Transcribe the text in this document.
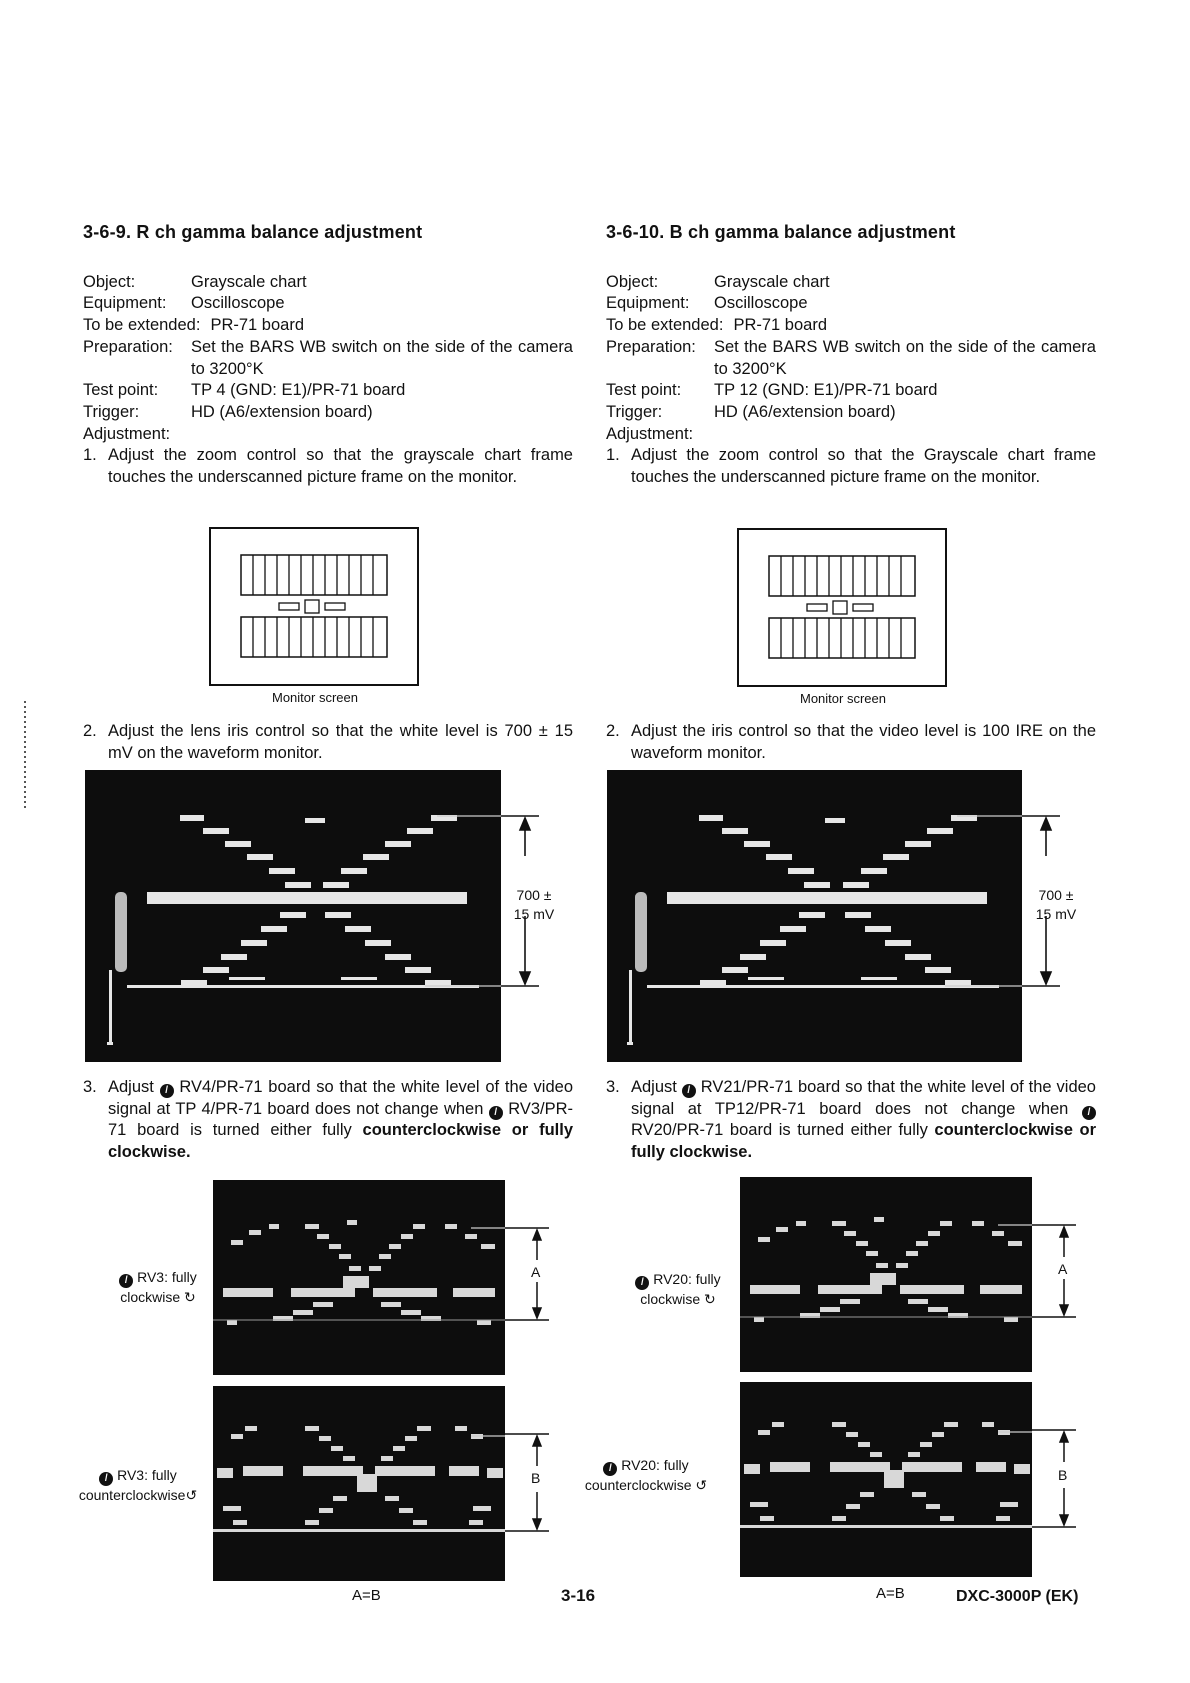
3-6-9. R ch gamma balance adjustment
Object:	Grayscale chart
Equipment:	Oscilloscope
To be extended: PR-71 board
Preparation:	Set the BARS WB switch on the side of the camera to 3200°K
Test point:	TP 4 (GND: E1)/PR-71 board
Trigger:	HD (A6/extension board)
Adjustment:
1. Adjust the zoom control so that the grayscale chart frame touches the underscanned picture frame on the monitor.
2. Adjust the lens iris control so that the white level is 700 ± 15 mV on the waveform monitor.
3. Adjust / RV4/PR-71 board so that the white level of the video signal at TP 4/PR-71 board does not change when / RV3/PR-71 board is turned either fully counterclockwise or fully clockwise.
3-6-10. B ch gamma balance adjustment
Object:	Grayscale chart
Equipment:	Oscilloscope
To be extended: PR-71 board
Preparation:	Set the BARS WB switch on the side of the camera to 3200°K
Test point:	TP 12 (GND: E1)/PR-71 board
Trigger:	HD (A6/extension board)
Adjustment:
1. Adjust the zoom control so that the Grayscale chart frame touches the underscanned picture frame on the monitor.
2. Adjust the iris control so that the video level is 100 IRE on the waveform monitor.
3. Adjust / RV21/PR-71 board so that the white level of the video signal at TP12/PR-71 board does not change when / RV20/PR-71 board is turned either fully counterclockwise or fully clockwise.
Monitor screen	Monitor screen
700 ±
15 mV
700 ±
15 mV
A
/ RV3: fully
clockwise ↻
B
/ RV3: fully
counterclockwise↺
A
/ RV20: fully
clockwise ↻
B
/ RV20: fully
counterclockwise ↺
A=B	3-16	A=B	DXC-3000P (EK)
